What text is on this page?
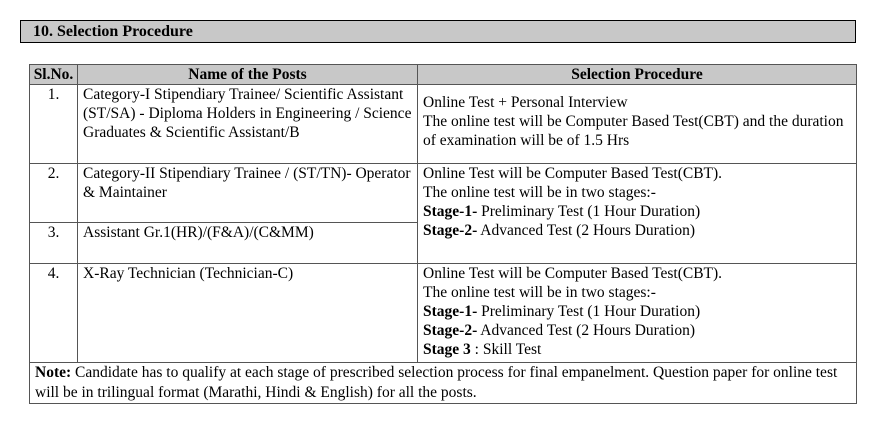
10. Selection Procedure
Sl.No.	Name of the Posts	Selection Procedure
1.	Category-I Stipendiary Trainee/ Scientific Assistant (ST/SA) - Diploma Holders in Engineering / Science Graduates & Scientific Assistant/B	Online Test + Personal Interview
The online test will be Computer Based Test(CBT) and the duration of examination will be of 1.5 Hrs

2.	Category-II Stipendiary Trainee / (ST/TN)- Operator & Maintainer	Online Test will be Computer Based Test(CBT).
The online test will be in two stages:-
Stage-1- Preliminary Test (1 Hour Duration)
Stage-2- Advanced Test (2 Hours Duration)

3.	Assistant Gr.1(HR)/(F&A)/(C&MM)	
4.	X-Ray Technician (Technician-C)	Online Test will be Computer Based Test(CBT).
The online test will be in two stages:-
Stage-1- Preliminary Test (1 Hour Duration)
Stage-2- Advanced Test (2 Hours Duration)
Stage 3 : Skill Test

Note: Candidate has to qualify at each stage of prescribed selection process for final empanelment. Question paper for online test will be in trilingual format (Marathi, Hindi & English) for all the posts.		
